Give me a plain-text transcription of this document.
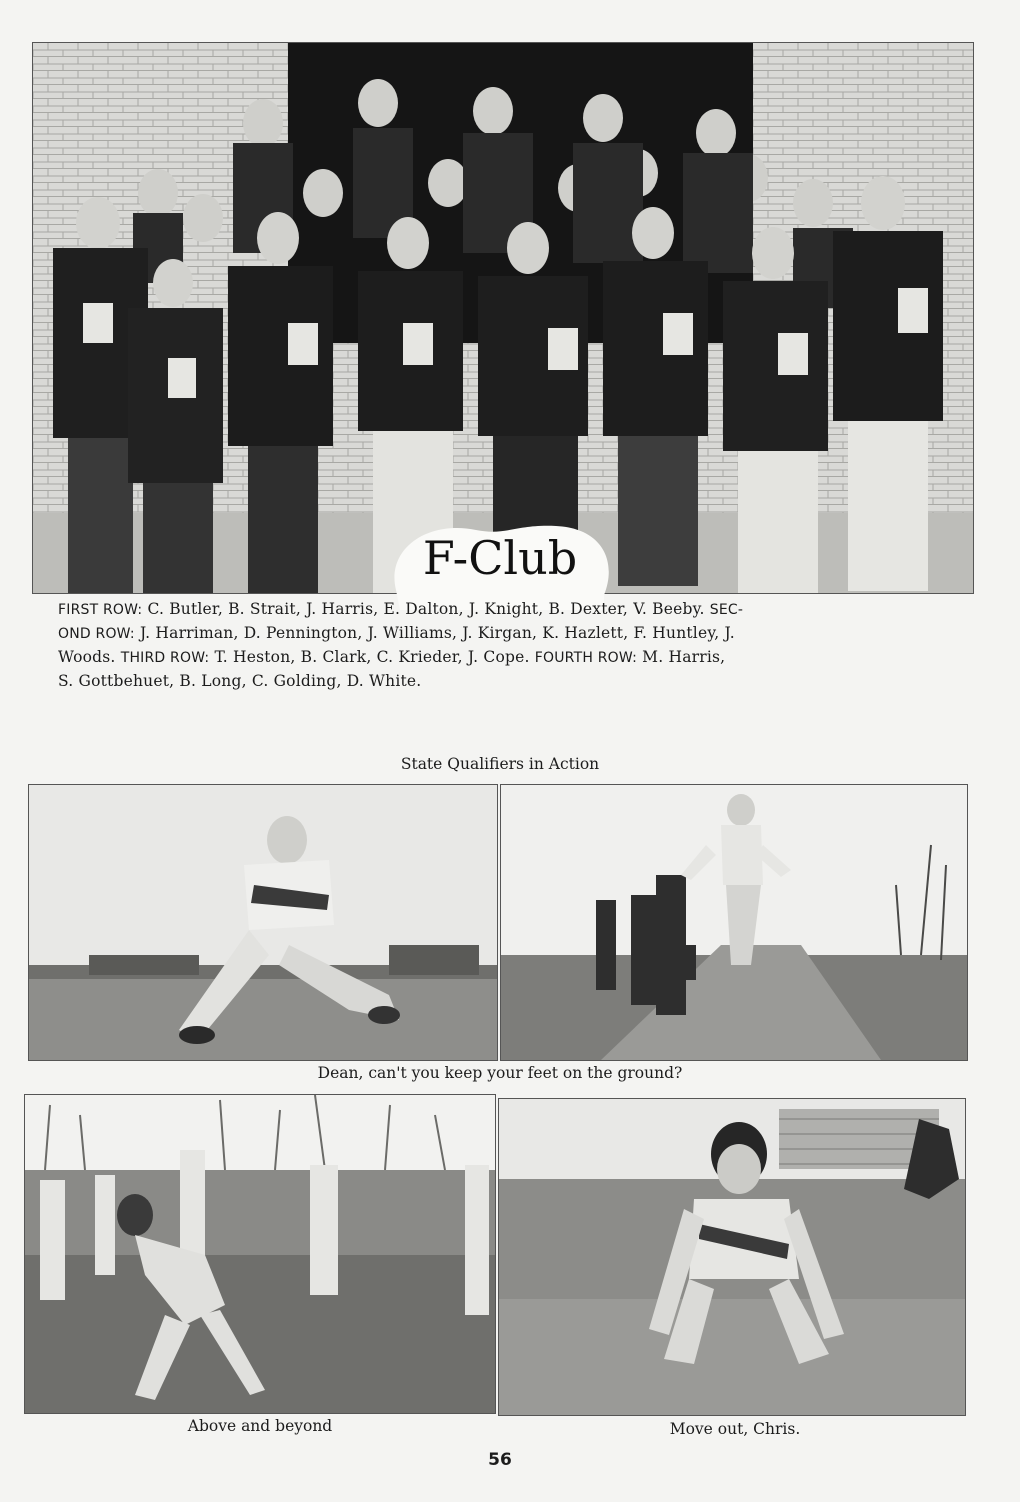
F-Club
FIRST ROW: C. Butler, B. Strait, J. Harris, E. Dalton, J. Knight, B. Dexter, V. Beeby. SEC-
OND ROW: J. Harriman, D. Pennington, J. Williams, J. Kirgan, K. Hazlett, F. Huntley, J.
Woods. THIRD ROW: T. Heston, B. Clark, C. Krieder, J. Cope. FOURTH ROW: M. Harris,
S. Gottbehuet, B. Long, C. Golding, D. White.
State Qualifiers in Action
Dean, can't you keep your feet on the ground?
Above and beyond	Move out, Chris.
56
